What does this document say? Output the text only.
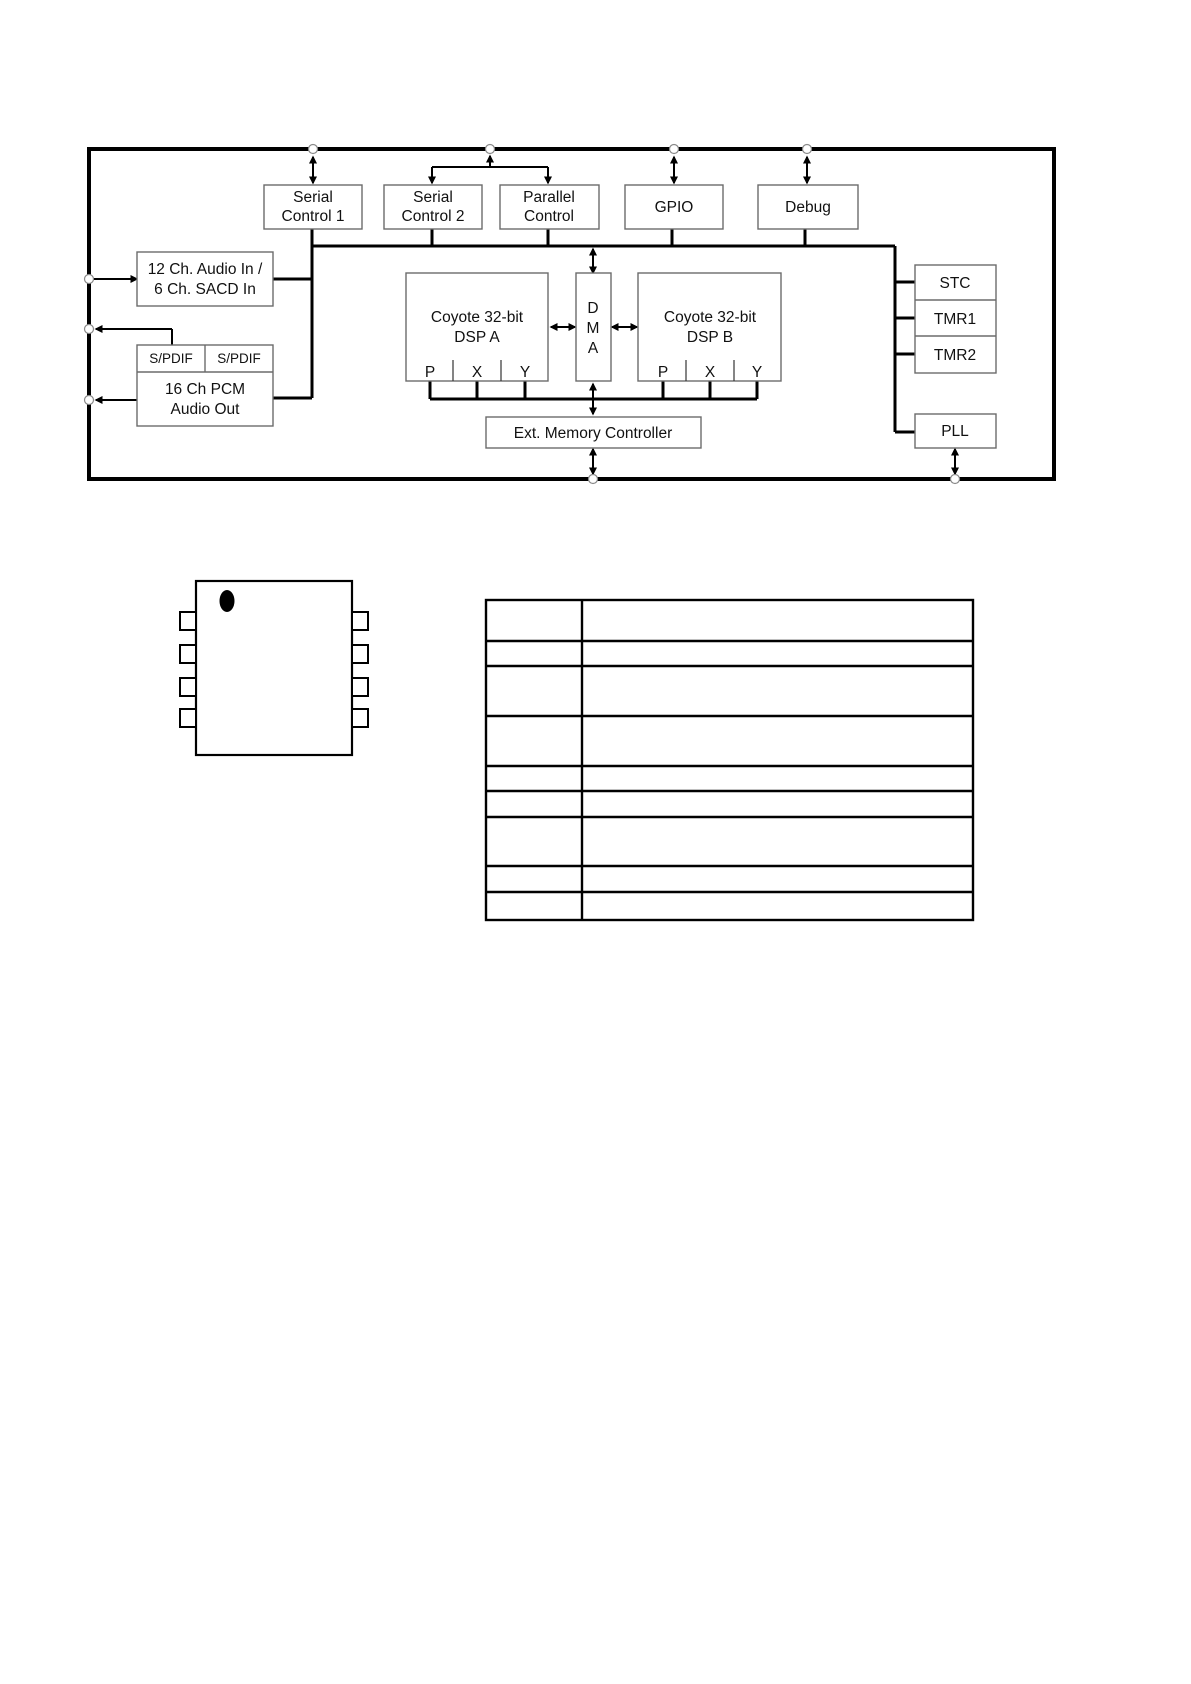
Serial
Control 1
Serial
Control 2
Parallel
Control
GPIO	Debug
12 Ch. Audio In /
6 Ch. SACD In
S/PDIF S/PDIF
16 Ch PCM
Audio Out
Coyote 32-bit
DSP A
P X Y
D
M
A
Coyote 32-bit
DSP B
P X Y
Ext. Memory Controller
STC
TMR1
TMR2
PLL
